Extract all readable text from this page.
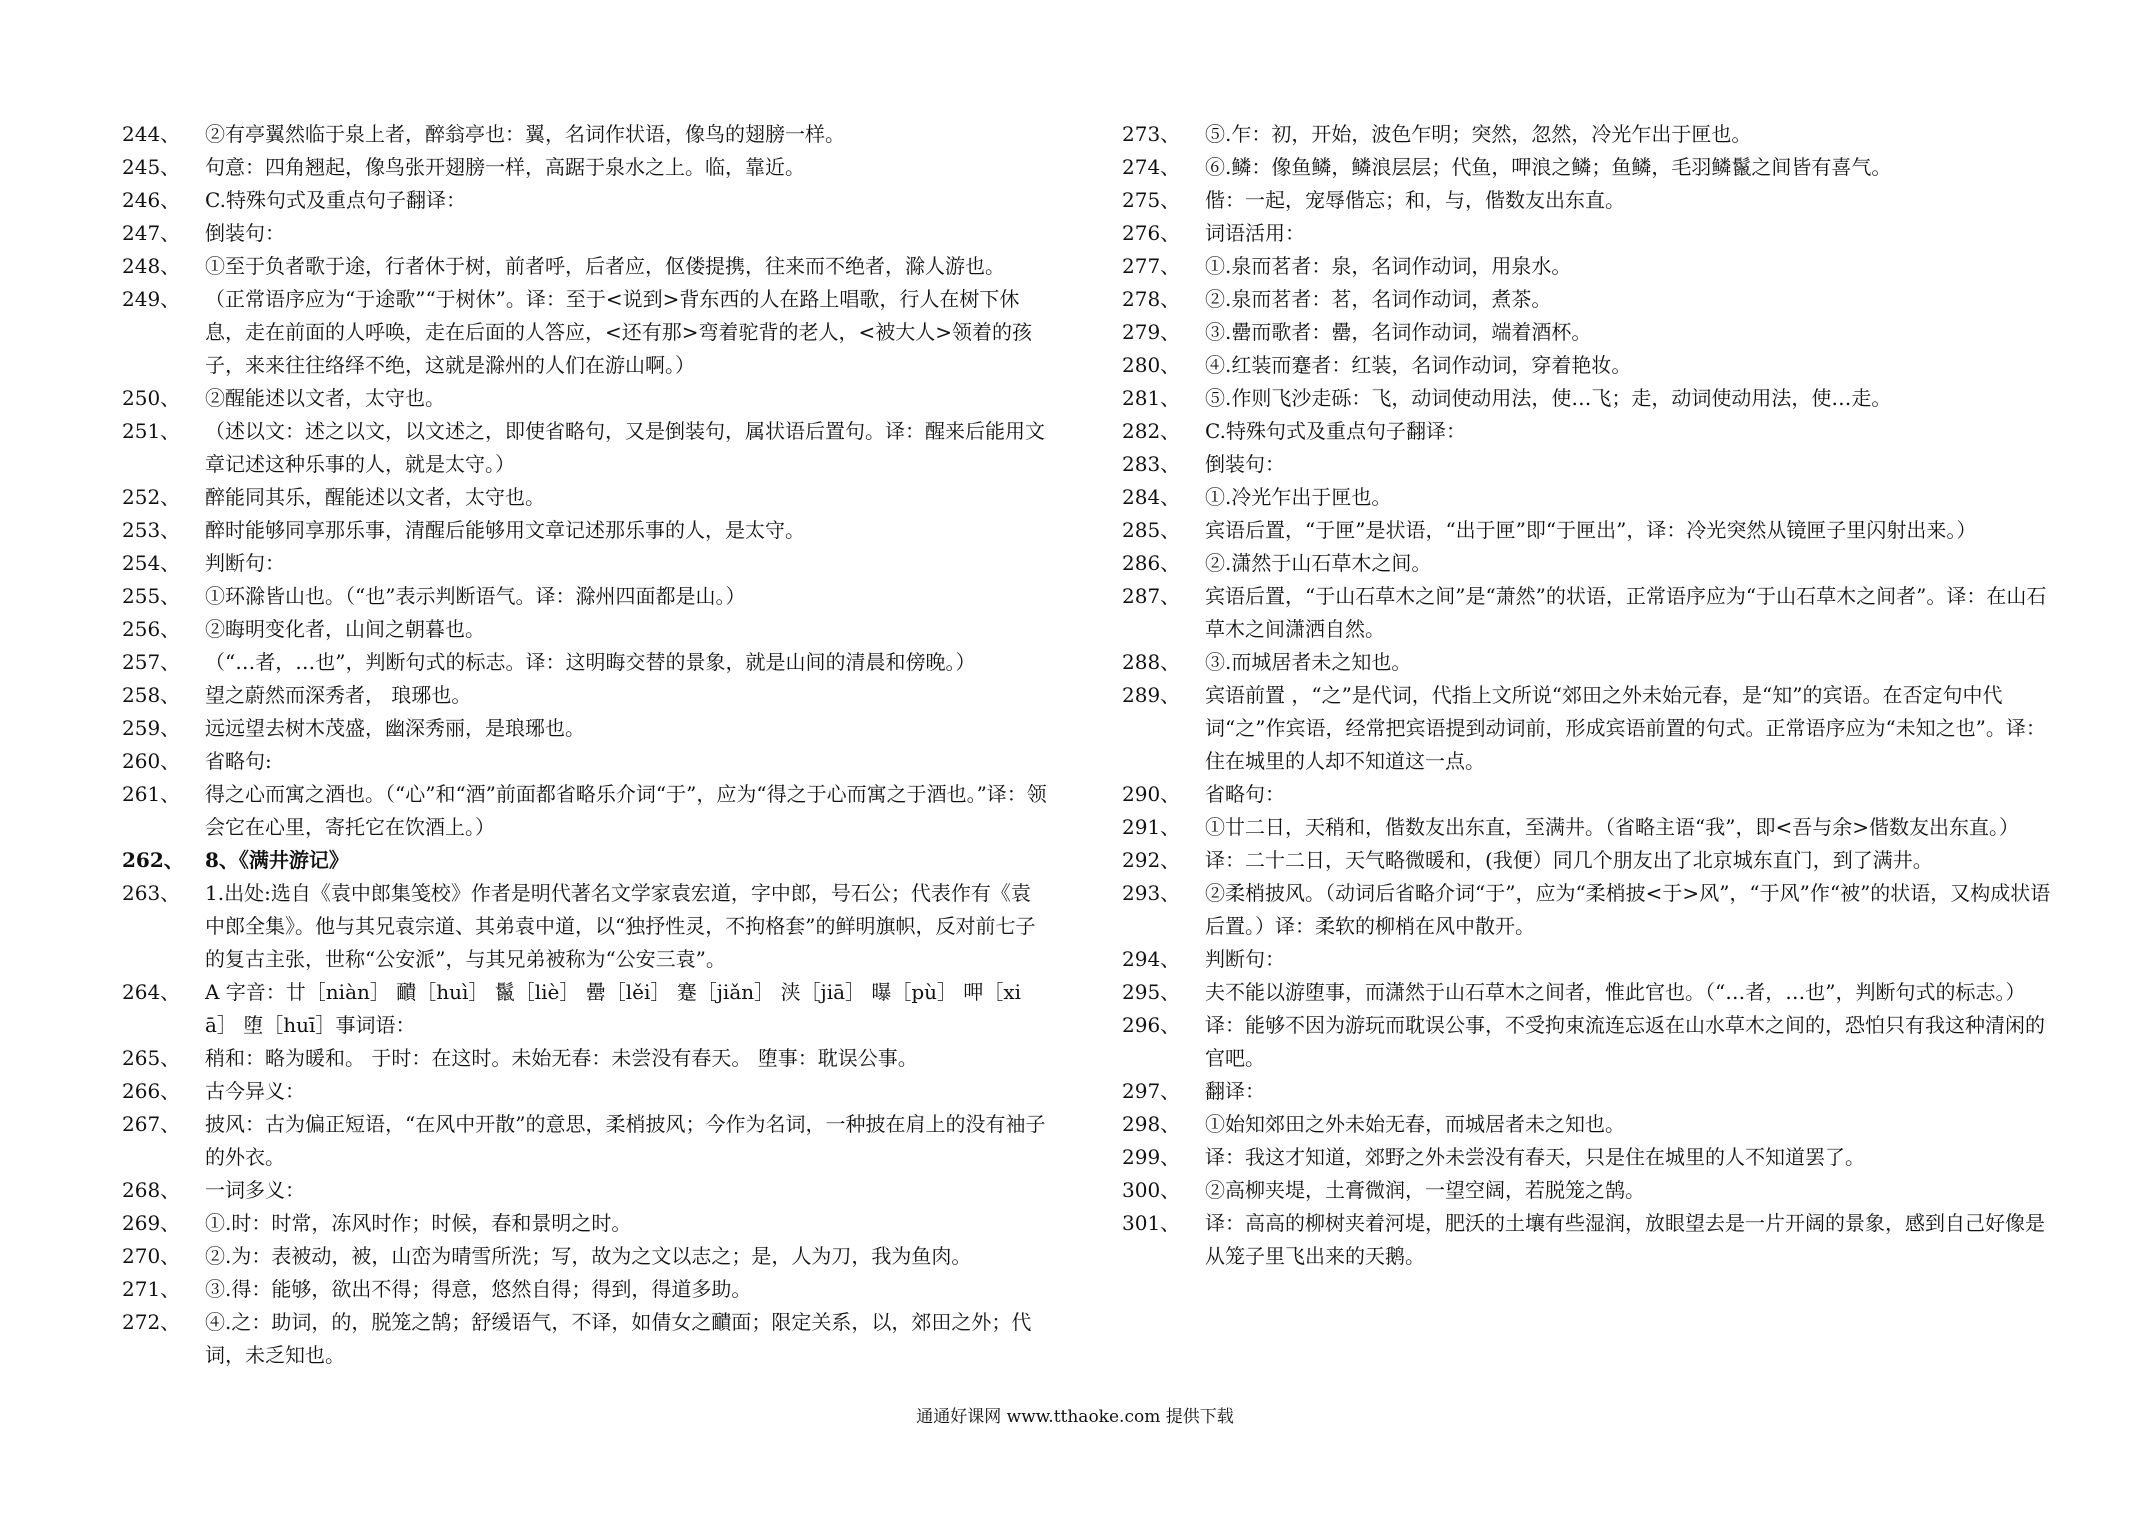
244、	②有亭翼然临于泉上者，醉翁亭也：翼，名词作状语，像鸟的翅膀一样。
245、	句意：四角翘起，像鸟张开翅膀一样，高踞于泉水之上。临，靠近。
246、	C.特殊句式及重点句子翻译：
247、	倒装句：
248、	①至于负者歌于途，行者休于树，前者呼，后者应，伛偻提携，往来而不绝者，滁人游也。
249、	（正常语序应为“于途歌”“于树休”。译：至于<说到>背东西的人在路上唱歌，行人在树下休息，走在前面的人呼唤，走在后面的人答应，<还有那>弯着驼背的老人，<被大人>领着的孩子，来来往往络绎不绝，这就是滁州的人们在游山啊。）
250、	②醒能述以文者，太守也。
251、	（述以文：述之以文，以文述之，即使省略句，又是倒装句，属状语后置句。译：醒来后能用文章记述这种乐事的人，就是太守。）
252、	醉能同其乐，醒能述以文者，太守也。
253、	醉时能够同享那乐事，清醒后能够用文章记述那乐事的人，是太守。
254、	判断句：
255、	①环滁皆山也。（“也”表示判断语气。译：滁州四面都是山。）
256、	②晦明变化者，山间之朝暮也。
257、	（“…者，…也”，判断句式的标志。译：这明晦交替的景象，就是山间的清晨和傍晚。）
258、	望之蔚然而深秀者， 琅琊也。
259、	远远望去树木茂盛，幽深秀丽，是琅琊也。
260、	省略句:
261、	得之心而寓之酒也。（“心”和“酒”前面都省略乐介词“于”，应为“得之于心而寓之于酒也。”译：领会它在心里，寄托它在饮酒上。）
262、	8、《满井游记》
263、	1.出处:选自《袁中郎集笺校》作者是明代著名文学家袁宏道，字中郎，号石公；代表作有《袁中郎全集》。他与其兄袁宗道、其弟袁中道，以“独抒性灵，不拘格套”的鲜明旗帜，反对前七子的复古主张，世称“公安派”，与其兄弟被称为“公安三袁”。
264、	A 字音：廿［niàn］ 靧［huì］ 鬣［liè］ 罍［lěi］ 蹇［jiǎn］ 浃［jiā］ 曝［pù］ 呷［xiā］ 堕［huī］事词语：
265、	稍和：略为暖和。 于时：在这时。未始无春：未尝没有春天。 堕事：耽误公事。
266、	古今异义：
267、	披风：古为偏正短语，“在风中开散”的意思，柔梢披风；今作为名词，一种披在肩上的没有袖子的外衣。
268、	一词多义：
269、	①.时：时常，冻风时作；时候，春和景明之时。
270、	②.为：表被动，被，山峦为晴雪所洗；写，故为之文以志之；是，人为刀，我为鱼肉。
271、	③.得：能够，欲出不得；得意，悠然自得；得到，得道多助。
272、	④.之：助词，的，脱笼之鹄；舒缓语气，不译，如倩女之靧面；限定关系，以，郊田之外；代词，未乏知也。
273、	⑤.乍：初，开始，波色乍明；突然，忽然，冷光乍出于匣也。
274、	⑥.鳞：像鱼鳞，鳞浪层层；代鱼，呷浪之鳞；鱼鳞，毛羽鳞鬣之间皆有喜气。
275、	偕：一起，宠辱偕忘；和，与，偕数友出东直。
276、	词语活用：
277、	①.泉而茗者：泉，名词作动词，用泉水。
278、	②.泉而茗者：茗，名词作动词，煮茶。
279、	③.罍而歌者：罍，名词作动词，端着酒杯。
280、	④.红装而蹇者：红装，名词作动词，穿着艳妆。
281、	⑤.作则飞沙走砾：飞，动词使动用法，使…飞；走，动词使动用法，使…走。
282、	C.特殊句式及重点句子翻译：
283、	倒装句：
284、	①.冷光乍出于匣也。
285、	宾语后置，“于匣”是状语，“出于匣”即“于匣出”，译：冷光突然从镜匣子里闪射出来。）
286、	②.潇然于山石草木之间。
287、	宾语后置，“于山石草木之间”是“萧然”的状语，正常语序应为“于山石草木之间者”。译：在山石草木之间潇洒自然。
288、	③.而城居者未之知也。
289、	宾语前置 ，“之”是代词，代指上文所说“郊田之外未始元春，是“知”的宾语。在否定句中代词“之”作宾语，经常把宾语提到动词前，形成宾语前置的句式。正常语序应为“未知之也”。译：住在城里的人却不知道这一点。
290、	省略句：
291、	①廿二日，天稍和，偕数友出东直，至满井。（省略主语“我”，即<吾与余>偕数友出东直。）
292、	译：二十二日，天气略微暖和，(我便）同几个朋友出了北京城东直门，到了满井。
293、	②柔梢披风。（动词后省略介词“于”，应为“柔梢披<于>风”，“于风”作“被”的状语，又构成状语后置。）译：柔软的柳梢在风中散开。
294、	判断句：
295、	夫不能以游堕事，而潇然于山石草木之间者，惟此官也。（“…者，…也”，判断句式的标志。）
296、	译：能够不因为游玩而耽误公事，不受拘束流连忘返在山水草木之间的，恐怕只有我这种清闲的官吧。
297、	翻译：
298、	①始知郊田之外未始无春，而城居者未之知也。
299、	译：我这才知道，郊野之外未尝没有春天，只是住在城里的人不知道罢了。
300、	②高柳夹堤，土膏微润，一望空阔，若脱笼之鹄。
301、	译：高高的柳树夹着河堤，肥沃的土壤有些湿润，放眼望去是一片开阔的景象，感到自己好像是从笼子里飞出来的天鹅。
通通好课网 www.tthaoke.com 提供下载
